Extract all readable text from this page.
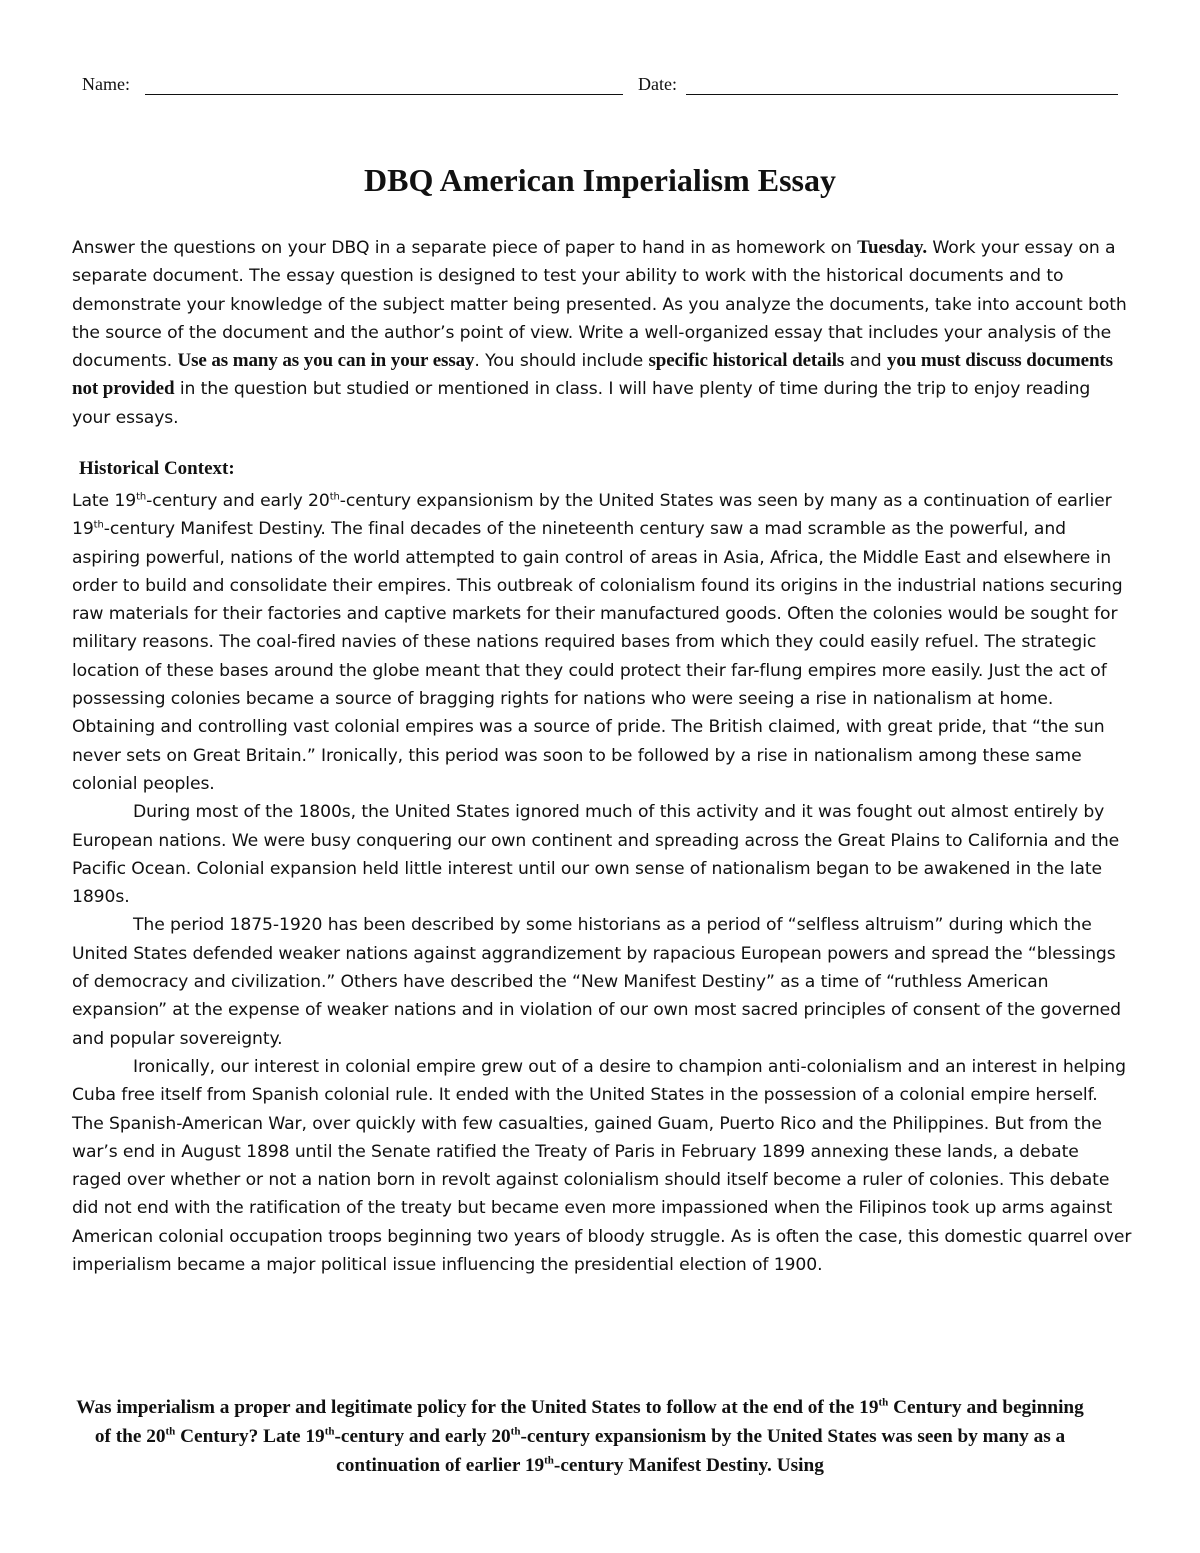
Name:	Date:
DBQ American Imperialism Essay
Answer the questions on your DBQ in a separate piece of paper to hand in as homework on Tuesday. Work your essay on a separate document. The essay question is designed to test your ability to work with the historical documents and to demonstrate your knowledge of the subject matter being presented. As you analyze the documents, take into account both the source of the document and the author’s point of view. Write a well-organized essay that includes your analysis of the documents. Use as many as you can in your essay. You should include specific historical details and you must discuss documents not provided in the question but studied or mentioned in class. I will have plenty of time during the trip to enjoy reading your essays.
Historical Context:

Late 19th-century and early 20th-century expansionism by the United States was seen by many as a continuation of earlier 19th-century Manifest Destiny. The final decades of the nineteenth century saw a mad scramble as the powerful, and aspiring powerful, nations of the world attempted to gain control of areas in Asia, Africa, the Middle East and elsewhere in order to build and consolidate their empires. This outbreak of colonialism found its origins in the industrial nations securing raw materials for their factories and captive markets for their manufactured goods. Often the colonies would be sought for military reasons. The coal-fired navies of these nations required bases from which they could easily refuel. The strategic location of these bases around the globe meant that they could protect their far-flung empires more easily. Just the act of possessing colonies became a source of bragging rights for nations who were seeing a rise in nationalism at home. Obtaining and controlling vast colonial empires was a source of pride. The British claimed, with great pride, that “the sun never sets on Great Britain.” Ironically, this period was soon to be followed by a rise in nationalism among these same colonial peoples.

During most of the 1800s, the United States ignored much of this activity and it was fought out almost entirely by European nations. We were busy conquering our own continent and spreading across the Great Plains to California and the Pacific Ocean. Colonial expansion held little interest until our own sense of nationalism began to be awakened in the late 1890s.

The period 1875-1920 has been described by some historians as a period of “selfless altruism” during which the United States defended weaker nations against aggrandizement by rapacious European powers and spread the “blessings of democracy and civilization.” Others have described the “New Manifest Destiny” as a time of “ruthless American expansion” at the expense of weaker nations and in violation of our own most sacred principles of consent of the governed and popular sovereignty.

Ironically, our interest in colonial empire grew out of a desire to champion anti-colonialism and an interest in helping Cuba free itself from Spanish colonial rule. It ended with the United States in the possession of a colonial empire herself. The Spanish-American War, over quickly with few casualties, gained Guam, Puerto Rico and the Philippines. But from the war’s end in August 1898 until the Senate ratified the Treaty of Paris in February 1899 annexing these lands, a debate raged over whether or not a nation born in revolt against colonialism should itself become a ruler of colonies. This debate did not end with the ratification of the treaty but became even more impassioned when the Filipinos took up arms against American colonial occupation troops beginning two years of bloody struggle. As is often the case, this domestic quarrel over imperialism became a major political issue influencing the presidential election of 1900.

Was imperialism a proper and legitimate policy for the United States to follow at the end of the 19th Century and beginning of the 20th Century? Late 19th-century and early 20th-century expansionism by the United States was seen by many as a continuation of earlier 19th-century Manifest Destiny. Using
